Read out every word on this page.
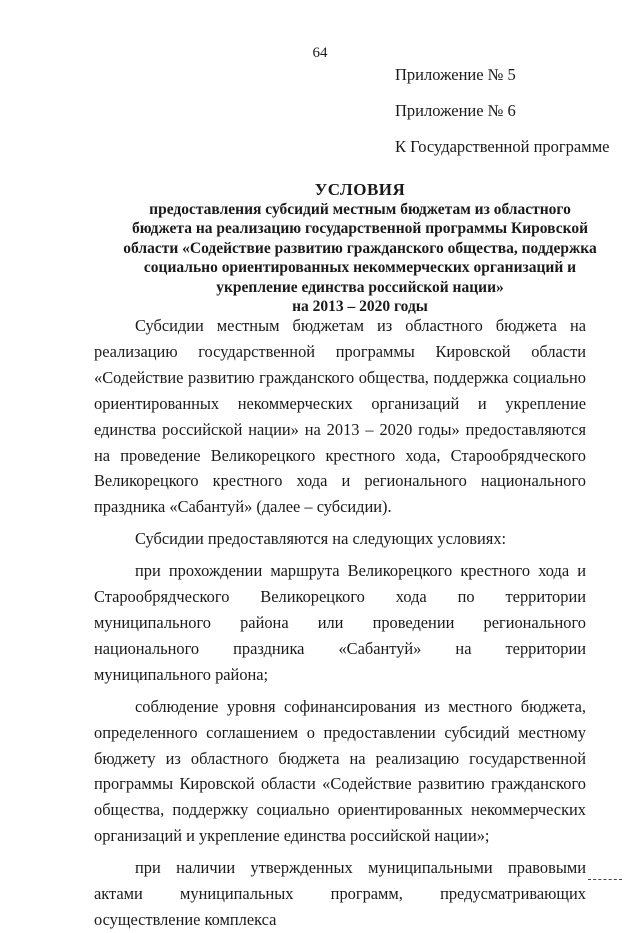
64
Приложение № 5
Приложение № 6
К Государственной программе
УСЛОВИЯ
предоставления субсидий местным бюджетам из областного
бюджета на реализацию государственной программы Кировской
области «Содействие развитию гражданского общества, поддержка
социально ориентированных некоммерческих организаций и
укрепление единства российской нации»
на 2013 – 2020 годы

Субсидии местным бюджетам из областного бюджета на реализацию государственной программы Кировской области «Содействие развитию гражданского общества, поддержка социально ориентированных некоммерческих организаций и укрепление единства российской нации» на 2013 – 2020 годы» предоставляются на проведение Великорецкого крестного хода, Старообрядческого Великорецкого крестного хода и регионального национального праздника «Сабантуй» (далее – субсидии).

Субсидии предоставляются на следующих условиях:

при прохождении маршрута Великорецкого крестного хода и Старообрядческого Великорецкого хода по территории муниципального района или проведении регионального национального праздника «Сабантуй» на территории муниципального района;

соблюдение уровня софинансирования из местного бюджета, определенного соглашением о предоставлении субсидий местному бюджету из областного бюджета на реализацию государственной программы Кировской области «Содействие развитию гражданского общества, поддержку социально ориентированных некоммерческих организаций и укрепление единства российской нации»;

при наличии утвержденных муниципальными правовыми актами муниципальных программ, предусматривающих осуществление комплекса
